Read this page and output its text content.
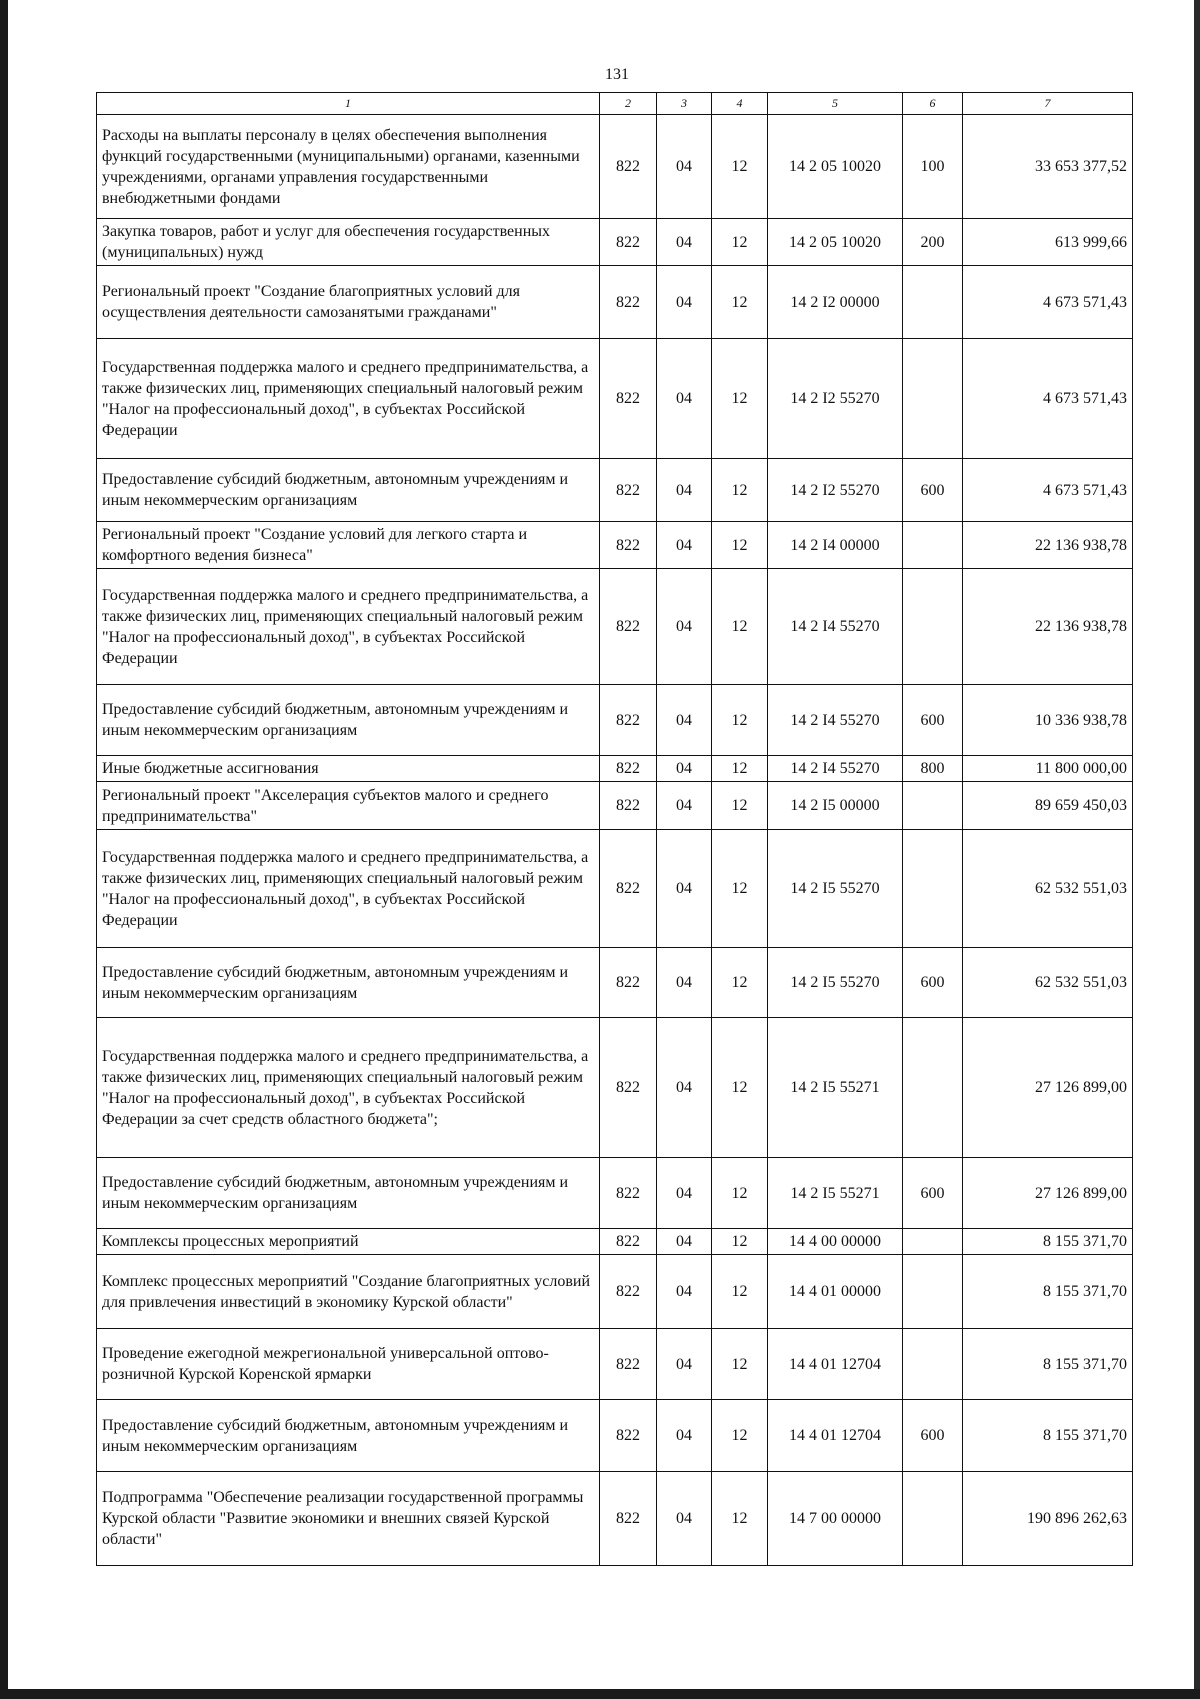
131
1	2	3	4	5	6	7
Расходы на выплаты персоналу в целях обеспечения выполнения функций государственными (муниципальными) органами, казенными учреждениями, органами управления государственными внебюджетными фондами	822	04	12	14 2 05 10020	100	33 653 377,52
Закупка товаров, работ и услуг для обеспечения государственных (муниципальных) нужд	822	04	12	14 2 05 10020	200	613 999,66
Региональный проект "Создание благоприятных условий для осуществления деятельности самозанятыми гражданами"	822	04	12	14 2 I2 00000		4 673 571,43
Государственная поддержка малого и среднего предпринимательства, а также физических лиц, применяющих специальный налоговый режим "Налог на профессиональный доход", в субъектах Российской Федерации	822	04	12	14 2 I2 55270		4 673 571,43
Предоставление субсидий бюджетным, автономным учреждениям и иным некоммерческим организациям	822	04	12	14 2 I2 55270	600	4 673 571,43
Региональный проект "Создание условий для легкого старта и комфортного ведения бизнеса"	822	04	12	14 2 I4 00000		22 136 938,78
Государственная поддержка малого и среднего предпринимательства, а также физических лиц, применяющих специальный налоговый режим "Налог на профессиональный доход", в субъектах Российской Федерации	822	04	12	14 2 I4 55270		22 136 938,78
Предоставление субсидий бюджетным, автономным учреждениям и иным некоммерческим организациям	822	04	12	14 2 I4 55270	600	10 336 938,78
Иные бюджетные ассигнования	822	04	12	14 2 I4 55270	800	11 800 000,00
Региональный проект "Акселерация субъектов малого и среднего предпринимательства"	822	04	12	14 2 I5 00000		89 659 450,03
Государственная поддержка малого и среднего предпринимательства, а также физических лиц, применяющих специальный налоговый режим "Налог на профессиональный доход", в субъектах Российской Федерации	822	04	12	14 2 I5 55270		62 532 551,03
Предоставление субсидий бюджетным, автономным учреждениям и иным некоммерческим организациям	822	04	12	14 2 I5 55270	600	62 532 551,03
Государственная поддержка малого и среднего предпринимательства, а также физических лиц, применяющих специальный налоговый режим "Налог на профессиональный доход", в субъектах Российской Федерации за счет средств областного бюджета";	822	04	12	14 2 I5 55271		27 126 899,00
Предоставление субсидий бюджетным, автономным учреждениям и иным некоммерческим организациям	822	04	12	14 2 I5 55271	600	27 126 899,00
Комплексы процессных мероприятий	822	04	12	14 4 00 00000		8 155 371,70
Комплекс процессных мероприятий "Создание благоприятных условий для привлечения инвестиций в экономику Курской области"	822	04	12	14 4 01 00000		8 155 371,70
Проведение ежегодной межрегиональной универсальной оптово-розничной Курской Коренской ярмарки	822	04	12	14 4 01 12704		8 155 371,70
Предоставление субсидий бюджетным, автономным учреждениям и иным некоммерческим организациям	822	04	12	14 4 01 12704	600	8 155 371,70
Подпрограмма "Обеспечение реализации государственной программы Курской области "Развитие экономики и внешних связей Курской области"	822	04	12	14 7 00 00000		190 896 262,63
